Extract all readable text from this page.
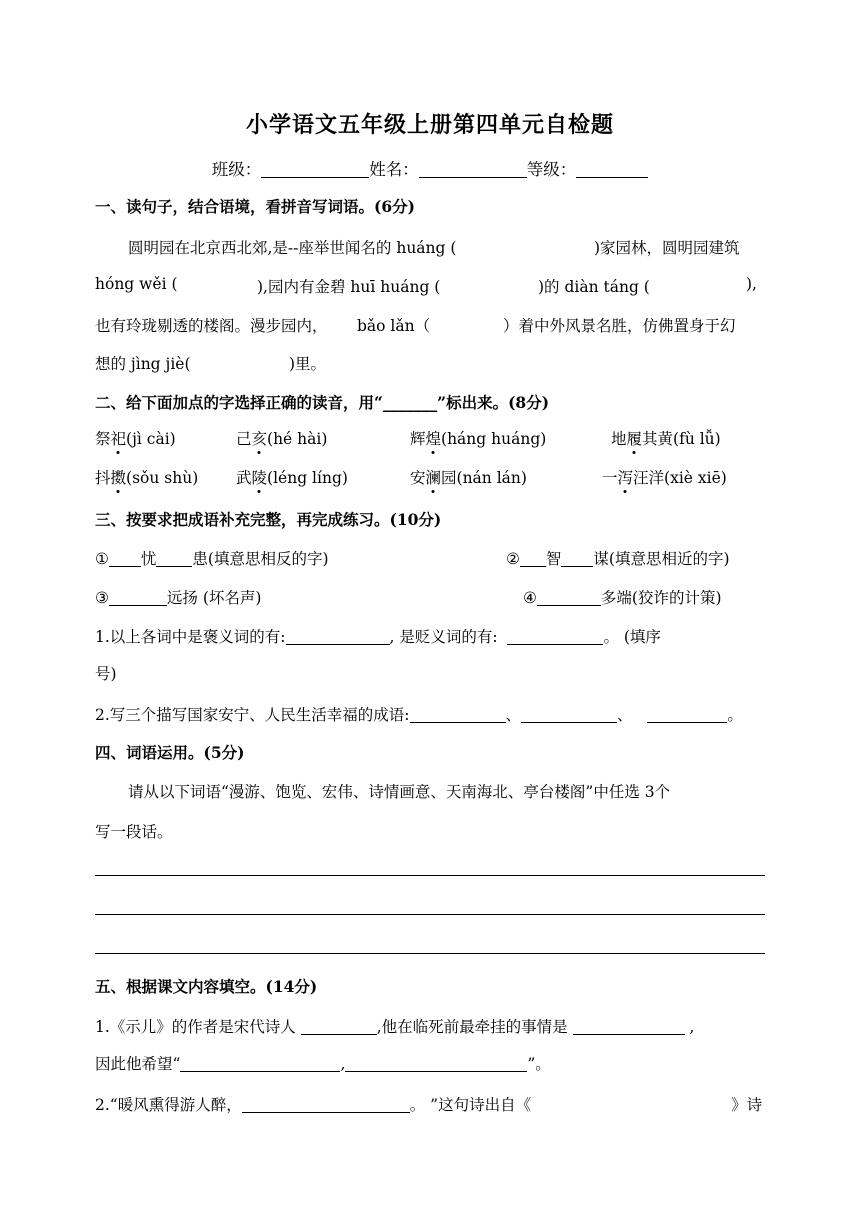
小学语文五年级上册第四单元自检题
班级：	姓名：	等级：
一、读句子，结合语境，看拼音写词语。(6分)
圆明园在北京西北郊,是--座举世闻名的 huáng (	)家园林，圆明园建筑
hóng wěi (	),园内有金碧 huī huáng (	)的 diàn táng (	),
也有玲珑剔透的楼阁。漫步园内， bǎo lǎn（	）着中外风景名胜，仿佛置身于幻
想的 jìng jiè(	)里。
二、给下面加点的字选择正确的读音，用“_______”标出来。(8分)
祭祀(jì cài)	己亥(hé hài)	辉煌(háng huáng)	地履其黄(fù lǚ)
抖擞(sǒu shù) 武陵(léng líng)	安澜园(nán lán)	一泻汪洋(xiè xiē)
三、按要求把成语补充完整，再完成练习。(10分)
① 忧 患(填意思相反的字)	② 智 谋(填意思相近的字)
③	远扬 (坏名声)	④	多端(狡诈的计策)
1.以上各词中是褒义词的有:	, 是贬义词的有:	。 (填序
号)
2.写三个描写国家安宁、人民生活幸福的成语:	、	、	。
四、词语运用。(5分)
请从以下词语“漫游、饱览、宏伟、诗情画意、天南海北、亭台楼阁”中任选 3个
写一段话。
五、根据课文内容填空。(14分)
1.《示儿》的作者是宋代诗人	,他在临死前最牵挂的事情是	,
因此他希望“	,	”。
2.“暖风熏得游人醉，	。 ”这句诗出自《	》诗
